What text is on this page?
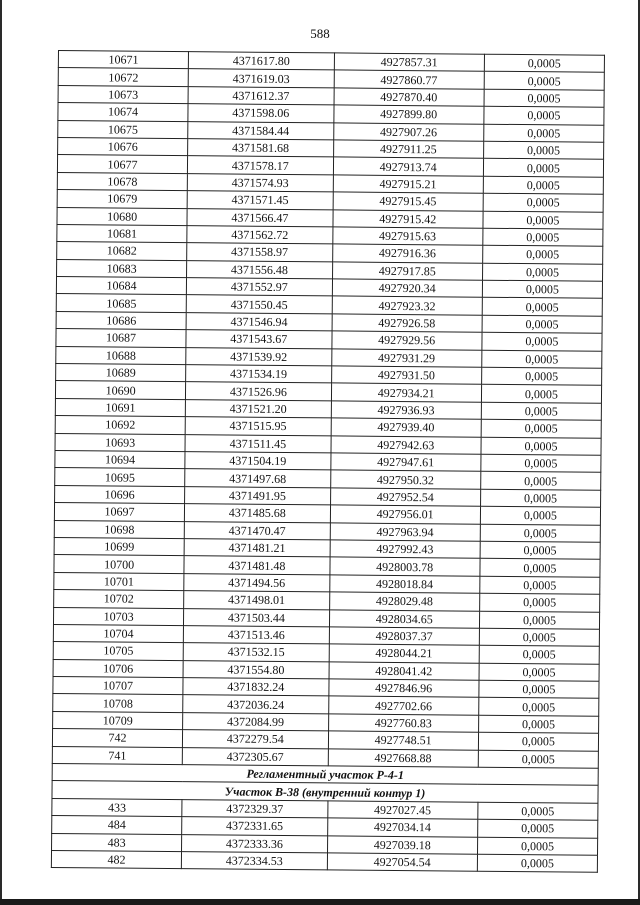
588
10671	4371617.80	4927857.31	0,0005
10672	4371619.03	4927860.77	0,0005
10673	4371612.37	4927870.40	0,0005
10674	4371598.06	4927899.80	0,0005
10675	4371584.44	4927907.26	0,0005
10676	4371581.68	4927911.25	0,0005
10677	4371578.17	4927913.74	0,0005
10678	4371574.93	4927915.21	0,0005
10679	4371571.45	4927915.45	0,0005
10680	4371566.47	4927915.42	0,0005
10681	4371562.72	4927915.63	0,0005
10682	4371558.97	4927916.36	0,0005
10683	4371556.48	4927917.85	0,0005
10684	4371552.97	4927920.34	0,0005
10685	4371550.45	4927923.32	0,0005
10686	4371546.94	4927926.58	0,0005
10687	4371543.67	4927929.56	0,0005
10688	4371539.92	4927931.29	0,0005
10689	4371534.19	4927931.50	0,0005
10690	4371526.96	4927934.21	0,0005
10691	4371521.20	4927936.93	0,0005
10692	4371515.95	4927939.40	0,0005
10693	4371511.45	4927942.63	0,0005
10694	4371504.19	4927947.61	0,0005
10695	4371497.68	4927950.32	0,0005
10696	4371491.95	4927952.54	0,0005
10697	4371485.68	4927956.01	0,0005
10698	4371470.47	4927963.94	0,0005
10699	4371481.21	4927992.43	0,0005
10700	4371481.48	4928003.78	0,0005
10701	4371494.56	4928018.84	0,0005
10702	4371498.01	4928029.48	0,0005
10703	4371503.44	4928034.65	0,0005
10704	4371513.46	4928037.37	0,0005
10705	4371532.15	4928044.21	0,0005
10706	4371554.80	4928041.42	0,0005
10707	4371832.24	4927846.96	0,0005
10708	4372036.24	4927702.66	0,0005
10709	4372084.99	4927760.83	0,0005
742	4372279.54	4927748.51	0,0005
741	4372305.67	4927668.88	0,0005
Регламентный участок Р-4-1			
Участок В-38 (внутренний контур 1)			
433	4372329.37	4927027.45	0,0005
484	4372331.65	4927034.14	0,0005
483	4372333.36	4927039.18	0,0005
482	4372334.53	4927054.54	0,0005
